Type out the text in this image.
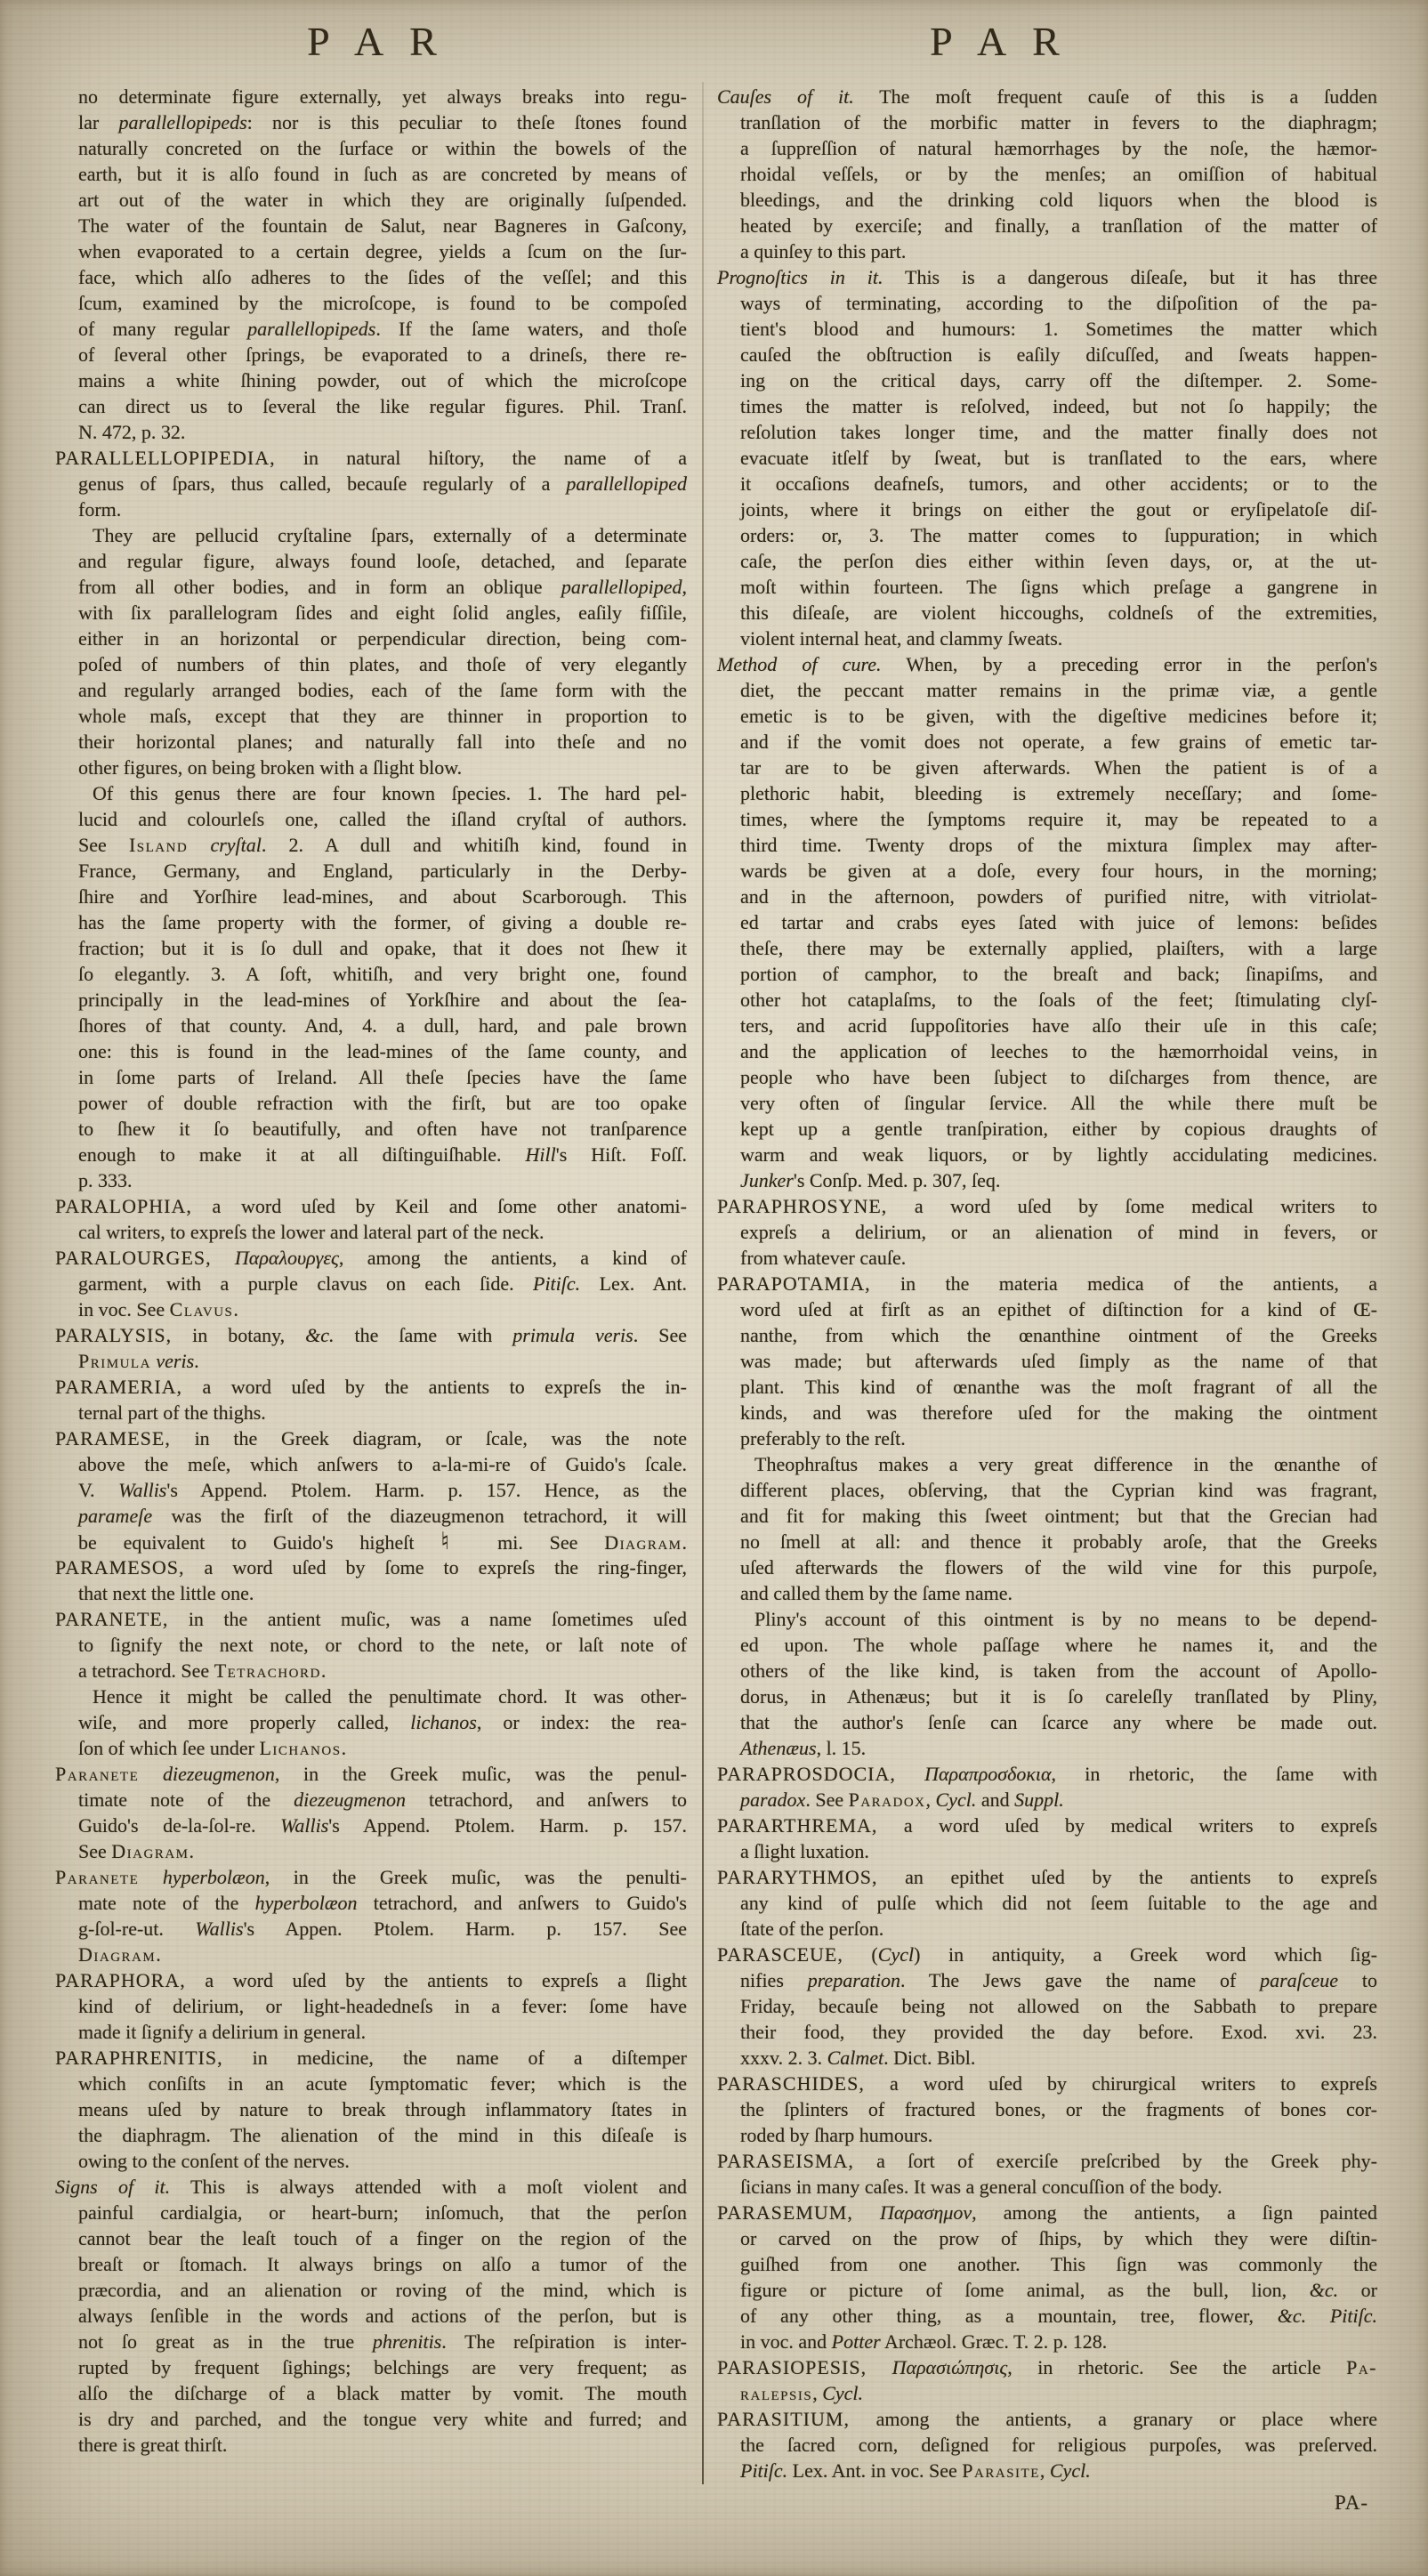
P A R	P A R
no determinate figure externally, yet always breaks into regu-
lar parallellopipeds: nor is this peculiar to theſe ſtones found
naturally concreted on the ſurface or within the bowels of the
earth, but it is alſo found in ſuch as are concreted by means of
art out of the water in which they are originally ſuſpended.
The water of the fountain de Salut, near Bagneres in Gaſcony,
when evaporated to a certain degree, yields a ſcum on the ſur-
face, which alſo adheres to the ſides of the veſſel; and this
ſcum, examined by the microſcope, is found to be compoſed
of many regular parallellopipeds. If the ſame waters, and thoſe
of ſeveral other ſprings, be evaporated to a drineſs, there re-
mains a white ſhining powder, out of which the microſcope
can direct us to ſeveral the like regular figures. Phil. Tranſ.
N. 472, p. 32.
PARALLELLOPIPEDIA, in natural hiſtory, the name of a
genus of ſpars, thus called, becauſe regularly of a parallellopiped
form.
They are pellucid cryſtaline ſpars, externally of a determinate
and regular figure, always found looſe, detached, and ſeparate
from all other bodies, and in form an oblique parallellopiped,
with ſix parallelogram ſides and eight ſolid angles, eaſily fiſſile,
either in an horizontal or perpendicular direction, being com-
poſed of numbers of thin plates, and thoſe of very elegantly
and regularly arranged bodies, each of the ſame form with the
whole maſs, except that they are thinner in proportion to
their horizontal planes; and naturally fall into theſe and no
other figures, on being broken with a ſlight blow.
Of this genus there are four known ſpecies. 1. The hard pel-
lucid and colourleſs one, called the iſland cryſtal of authors.
See Island cryſtal. 2. A dull and whitiſh kind, found in
France, Germany, and England, particularly in the Derby-
ſhire and Yorſhire lead-mines, and about Scarborough. This
has the ſame property with the former, of giving a double re-
fraction; but it is ſo dull and opake, that it does not ſhew it
ſo elegantly. 3. A ſoft, whitiſh, and very bright one, found
principally in the lead-mines of Yorkſhire and about the ſea-
ſhores of that county. And, 4. a dull, hard, and pale brown
one: this is found in the lead-mines of the ſame county, and
in ſome parts of Ireland. All theſe ſpecies have the ſame
power of double refraction with the firſt, but are too opake
to ſhew it ſo beautifully, and often have not tranſparence
enough to make it at all diſtinguiſhable. Hill's Hiſt. Foſſ.
p. 333.
PARALOPHIA, a word uſed by Keil and ſome other anatomi-
cal writers, to expreſs the lower and lateral part of the neck.
PARALOURGES, Παραλουργες, among the antients, a kind of
garment, with a purple clavus on each ſide. Pitiſc. Lex. Ant.
in voc. See Clavus.
PARALYSIS, in botany, &c. the ſame with primula veris. See
Primula veris.
PARAMERIA, a word uſed by the antients to expreſs the in-
ternal part of the thighs.
PARAMESE, in the Greek diagram, or ſcale, was the note
above the meſe, which anſwers to a-la-mi-re of Guido's ſcale.
V. Wallis's Append. Ptolem. Harm. p. 157. Hence, as the
parameſe was the firſt of the diazeugmenon tetrachord, it will
be equivalent to Guido's higheſt ♮ mi. See Diagram.
PARAMESOS, a word uſed by ſome to expreſs the ring-finger,
that next the little one.
PARANETE, in the antient muſic, was a name ſometimes uſed
to ſignify the next note, or chord to the nete, or laſt note of
a tetrachord. See Tetrachord.
Hence it might be called the penultimate chord. It was other-
wiſe, and more properly called, lichanos, or index: the rea-
ſon of which ſee under Lichanos.
Paranete diezeugmenon, in the Greek muſic, was the penul-
timate note of the diezeugmenon tetrachord, and anſwers to
Guido's de-la-ſol-re. Wallis's Append. Ptolem. Harm. p. 157.
See Diagram.
Paranete hyperbolæon, in the Greek muſic, was the penulti-
mate note of the hyperbolæon tetrachord, and anſwers to Guido's
g-ſol-re-ut. Wallis's Appen. Ptolem. Harm. p. 157. See
Diagram.
PARAPHORA, a word uſed by the antients to expreſs a ſlight
kind of delirium, or light-headedneſs in a fever: ſome have
made it ſignify a delirium in general.
PARAPHRENITIS, in medicine, the name of a diſtemper
which conſiſts in an acute ſymptomatic fever; which is the
means uſed by nature to break through inflammatory ſtates in
the diaphragm. The alienation of the mind in this diſeaſe is
owing to the conſent of the nerves.
Signs of it. This is always attended with a moſt violent and
painful cardialgia, or heart-burn; inſomuch, that the perſon
cannot bear the leaſt touch of a finger on the region of the
breaſt or ſtomach. It always brings on alſo a tumor of the
præcordia, and an alienation or roving of the mind, which is
always ſenſible in the words and actions of the perſon, but is
not ſo great as in the true phrenitis. The reſpiration is inter-
rupted by frequent ſighings; belchings are very frequent; as
alſo the diſcharge of a black matter by vomit. The mouth
is dry and parched, and the tongue very white and furred; and
there is great thirſt.
Cauſes of it. The moſt frequent cauſe of this is a ſudden
tranſlation of the morbific matter in fevers to the diaphragm;
a ſuppreſſion of natural hæmorrhages by the noſe, the hæmor-
rhoidal veſſels, or by the menſes; an omiſſion of habitual
bleedings, and the drinking cold liquors when the blood is
heated by exerciſe; and finally, a tranſlation of the matter of
a quinſey to this part.
Prognoſtics in it. This is a dangerous diſeaſe, but it has three
ways of terminating, according to the diſpoſition of the pa-
tient's blood and humours: 1. Sometimes the matter which
cauſed the obſtruction is eaſily diſcuſſed, and ſweats happen-
ing on the critical days, carry off the diſtemper. 2. Some-
times the matter is reſolved, indeed, but not ſo happily; the
reſolution takes longer time, and the matter finally does not
evacuate itſelf by ſweat, but is tranſlated to the ears, where
it occaſions deafneſs, tumors, and other accidents; or to the
joints, where it brings on either the gout or eryſipelatoſe diſ-
orders: or, 3. The matter comes to ſuppuration; in which
caſe, the perſon dies either within ſeven days, or, at the ut-
moſt within fourteen. The ſigns which preſage a gangrene in
this diſeaſe, are violent hiccoughs, coldneſs of the extremities,
violent internal heat, and clammy ſweats.
Method of cure. When, by a preceding error in the perſon's
diet, the peccant matter remains in the primæ viæ, a gentle
emetic is to be given, with the digeſtive medicines before it;
and if the vomit does not operate, a few grains of emetic tar-
tar are to be given afterwards. When the patient is of a
plethoric habit, bleeding is extremely neceſſary; and ſome-
times, where the ſymptoms require it, may be repeated to a
third time. Twenty drops of the mixtura ſimplex may after-
wards be given at a doſe, every four hours, in the morning;
and in the afternoon, powders of purified nitre, with vitriolat-
ed tartar and crabs eyes ſated with juice of lemons: beſides
theſe, there may be externally applied, plaiſters, with a large
portion of camphor, to the breaſt and back; ſinapiſms, and
other hot cataplaſms, to the ſoals of the feet; ſtimulating clyſ-
ters, and acrid ſuppoſitories have alſo their uſe in this caſe;
and the application of leeches to the hæmorrhoidal veins, in
people who have been ſubject to diſcharges from thence, are
very often of ſingular ſervice. All the while there muſt be
kept up a gentle tranſpiration, either by copious draughts of
warm and weak liquors, or by lightly accidulating medicines.
Junker's Conſp. Med. p. 307, ſeq.
PARAPHROSYNE, a word uſed by ſome medical writers to
expreſs a delirium, or an alienation of mind in fevers, or
from whatever cauſe.
PARAPOTAMIA, in the materia medica of the antients, a
word uſed at firſt as an epithet of diſtinction for a kind of Œ-
nanthe, from which the œnanthine ointment of the Greeks
was made; but afterwards uſed ſimply as the name of that
plant. This kind of œnanthe was the moſt fragrant of all the
kinds, and was therefore uſed for the making the ointment
preferably to the reſt.
Theophraſtus makes a very great difference in the œnanthe of
different places, obſerving, that the Cyprian kind was fragrant,
and fit for making this ſweet ointment; but that the Grecian had
no ſmell at all: and thence it probably aroſe, that the Greeks
uſed afterwards the flowers of the wild vine for this purpoſe,
and called them by the ſame name.
Pliny's account of this ointment is by no means to be depend-
ed upon. The whole paſſage where he names it, and the
others of the like kind, is taken from the account of Apollo-
dorus, in Athenæus; but it is ſo careleſly tranſlated by Pliny,
that the author's ſenſe can ſcarce any where be made out.
Athenæus, l. 15.
PARAPROSDOCIA, Παραπροσδοκια, in rhetoric, the ſame with
paradox. See Paradox, Cycl. and Suppl.
PARARTHREMA, a word uſed by medical writers to expreſs
a ſlight luxation.
PARARYTHMOS, an epithet uſed by the antients to expreſs
any kind of pulſe which did not ſeem ſuitable to the age and
ſtate of the perſon.
PARASCEUE, (Cycl) in antiquity, a Greek word which ſig-
nifies preparation. The Jews gave the name of paraſceue to
Friday, becauſe being not allowed on the Sabbath to prepare
their food, they provided the day before. Exod. xvi. 23.
xxxv. 2. 3. Calmet. Dict. Bibl.
PARASCHIDES, a word uſed by chirurgical writers to expreſs
the ſplinters of fractured bones, or the fragments of bones cor-
roded by ſharp humours.
PARASEISMA, a ſort of exerciſe preſcribed by the Greek phy-
ſicians in many caſes. It was a general concuſſion of the body.
PARASEMUM, Παρασημον, among the antients, a ſign painted
or carved on the prow of ſhips, by which they were diſtin-
guiſhed from one another. This ſign was commonly the
figure or picture of ſome animal, as the bull, lion, &c. or
of any other thing, as a mountain, tree, flower, &c. Pitiſc.
in voc. and Potter Archæol. Græc. T. 2. p. 128.
PARASIOPESIS, Παρασιώπησις, in rhetoric. See the article Pa-
ralepsis, Cycl.
PARASITIUM, among the antients, a granary or place where
the ſacred corn, deſigned for religious purpoſes, was preſerved.
Pitiſc. Lex. Ant. in voc. See Parasite, Cycl.
PA-
